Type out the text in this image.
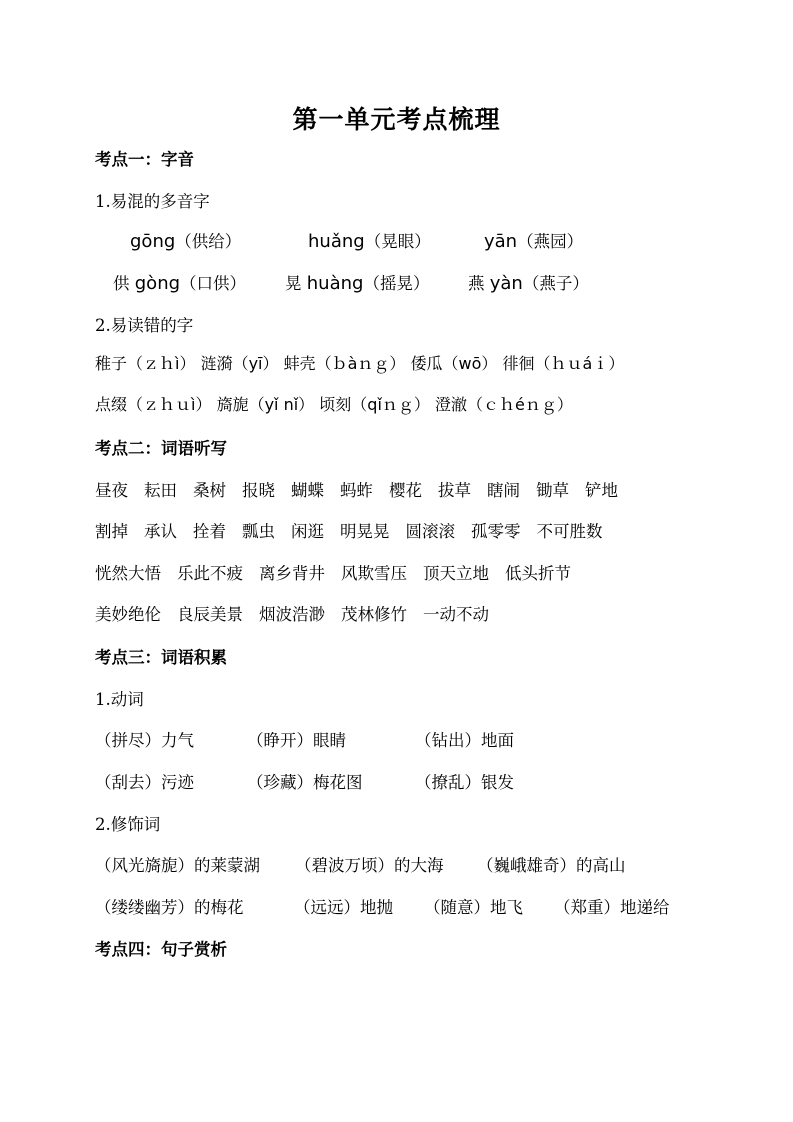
第一单元考点梳理
考点一：字音
1.易混的多音字
gōng（供给）	huǎng（晃眼）	yān（燕园）
供 gòng（口供） 晃 huàng（摇晃） 燕 yàn（燕子）
2.易读错的字
稚子（ｚｈì） 涟漪（yī） 蚌壳（ｂàｎｇ） 倭瓜（wō） 徘徊（ｈｕáｉ）
点缀（ｚｈｕì） 旖旎（yǐ nǐ） 顷刻（qǐｎｇ） 澄澈（ｃｈéｎｇ）
考点二：词语听写
昼夜 耘田 桑树 报晓 蝴蝶 蚂蚱 樱花 拔草 瞎闹 锄草 铲地
割掉 承认 拴着 瓢虫 闲逛 明晃晃 圆滚滚 孤零零 不可胜数
恍然大悟 乐此不疲 离乡背井 风欺雪压 顶天立地 低头折节
美妙绝伦 良辰美景 烟波浩渺 茂林修竹 一动不动
考点三：词语积累
1.动词
（拼尽）力气	（睁开）眼睛	（钻出）地面
（刮去）污迹	（珍藏）梅花图	（撩乱）银发
2.修饰词
（风光旖旎）的莱蒙湖 （碧波万顷）的大海 （巍峨雄奇）的高山
（缕缕幽芳）的梅花	（远远）地抛 （随意）地飞 （郑重）地递给
考点四：句子赏析
